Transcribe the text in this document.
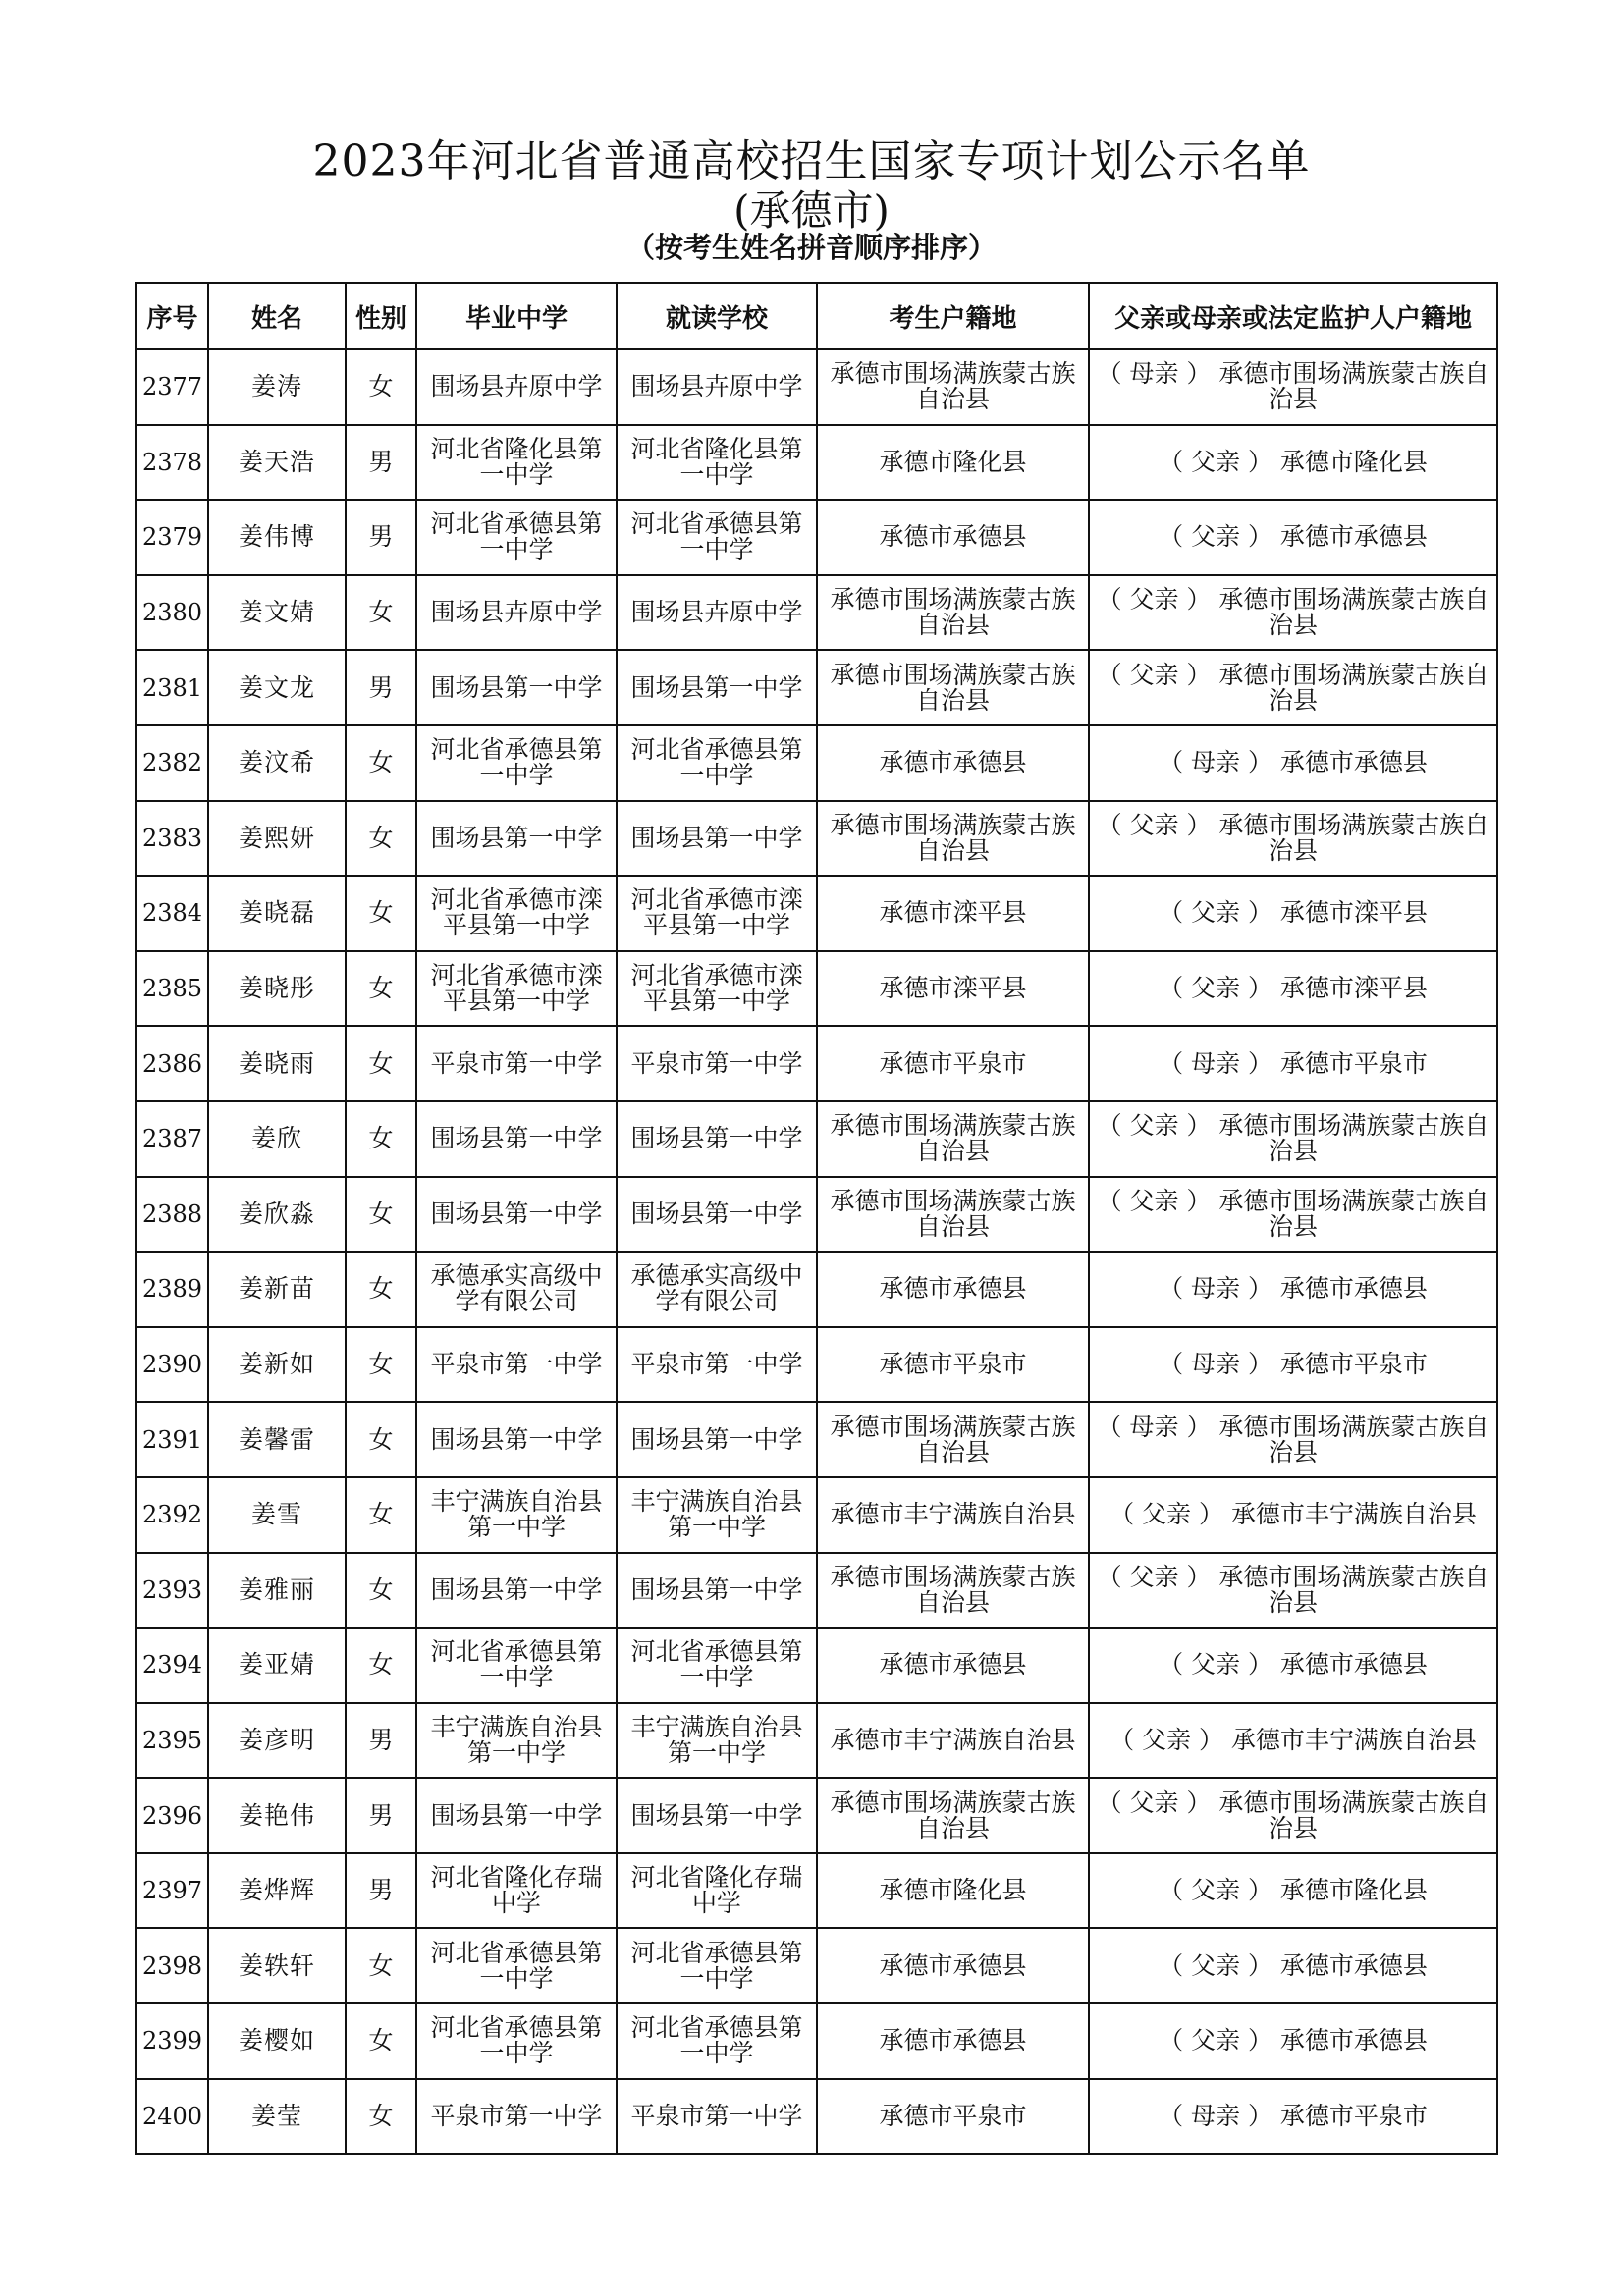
2023年河北省普通高校招生国家专项计划公示名单
(承德市)
（按考生姓名拼音顺序排序）
序号	姓名	性别	毕业中学	就读学校	考生户籍地	父亲或母亲或法定监护人户籍地
2377	姜涛	女	围场县卉原中学	围场县卉原中学	承德市围场满族蒙古族
自治县	（ 母亲 ） 承德市围场满族蒙古族自
治县
2378	姜天浩	男	河北省隆化县第
一中学	河北省隆化县第
一中学	承德市隆化县	（ 父亲 ） 承德市隆化县
2379	姜伟博	男	河北省承德县第
一中学	河北省承德县第
一中学	承德市承德县	（ 父亲 ） 承德市承德县
2380	姜文婧	女	围场县卉原中学	围场县卉原中学	承德市围场满族蒙古族
自治县	（ 父亲 ） 承德市围场满族蒙古族自
治县
2381	姜文龙	男	围场县第一中学	围场县第一中学	承德市围场满族蒙古族
自治县	（ 父亲 ） 承德市围场满族蒙古族自
治县
2382	姜汶希	女	河北省承德县第
一中学	河北省承德县第
一中学	承德市承德县	（ 母亲 ） 承德市承德县
2383	姜熙妍	女	围场县第一中学	围场县第一中学	承德市围场满族蒙古族
自治县	（ 父亲 ） 承德市围场满族蒙古族自
治县
2384	姜晓磊	女	河北省承德市滦
平县第一中学	河北省承德市滦
平县第一中学	承德市滦平县	（ 父亲 ） 承德市滦平县
2385	姜晓彤	女	河北省承德市滦
平县第一中学	河北省承德市滦
平县第一中学	承德市滦平县	（ 父亲 ） 承德市滦平县
2386	姜晓雨	女	平泉市第一中学	平泉市第一中学	承德市平泉市	（ 母亲 ） 承德市平泉市
2387	姜欣	女	围场县第一中学	围场县第一中学	承德市围场满族蒙古族
自治县	（ 父亲 ） 承德市围场满族蒙古族自
治县
2388	姜欣淼	女	围场县第一中学	围场县第一中学	承德市围场满族蒙古族
自治县	（ 父亲 ） 承德市围场满族蒙古族自
治县
2389	姜新苗	女	承德承实高级中
学有限公司	承德承实高级中
学有限公司	承德市承德县	（ 母亲 ） 承德市承德县
2390	姜新如	女	平泉市第一中学	平泉市第一中学	承德市平泉市	（ 母亲 ） 承德市平泉市
2391	姜馨雷	女	围场县第一中学	围场县第一中学	承德市围场满族蒙古族
自治县	（ 母亲 ） 承德市围场满族蒙古族自
治县
2392	姜雪	女	丰宁满族自治县
第一中学	丰宁满族自治县
第一中学	承德市丰宁满族自治县	（ 父亲 ） 承德市丰宁满族自治县
2393	姜雅丽	女	围场县第一中学	围场县第一中学	承德市围场满族蒙古族
自治县	（ 父亲 ） 承德市围场满族蒙古族自
治县
2394	姜亚婧	女	河北省承德县第
一中学	河北省承德县第
一中学	承德市承德县	（ 父亲 ） 承德市承德县
2395	姜彦明	男	丰宁满族自治县
第一中学	丰宁满族自治县
第一中学	承德市丰宁满族自治县	（ 父亲 ） 承德市丰宁满族自治县
2396	姜艳伟	男	围场县第一中学	围场县第一中学	承德市围场满族蒙古族
自治县	（ 父亲 ） 承德市围场满族蒙古族自
治县
2397	姜烨辉	男	河北省隆化存瑞
中学	河北省隆化存瑞
中学	承德市隆化县	（ 父亲 ） 承德市隆化县
2398	姜轶轩	女	河北省承德县第
一中学	河北省承德县第
一中学	承德市承德县	（ 父亲 ） 承德市承德县
2399	姜樱如	女	河北省承德县第
一中学	河北省承德县第
一中学	承德市承德县	（ 父亲 ） 承德市承德县
2400	姜莹	女	平泉市第一中学	平泉市第一中学	承德市平泉市	（ 母亲 ） 承德市平泉市
